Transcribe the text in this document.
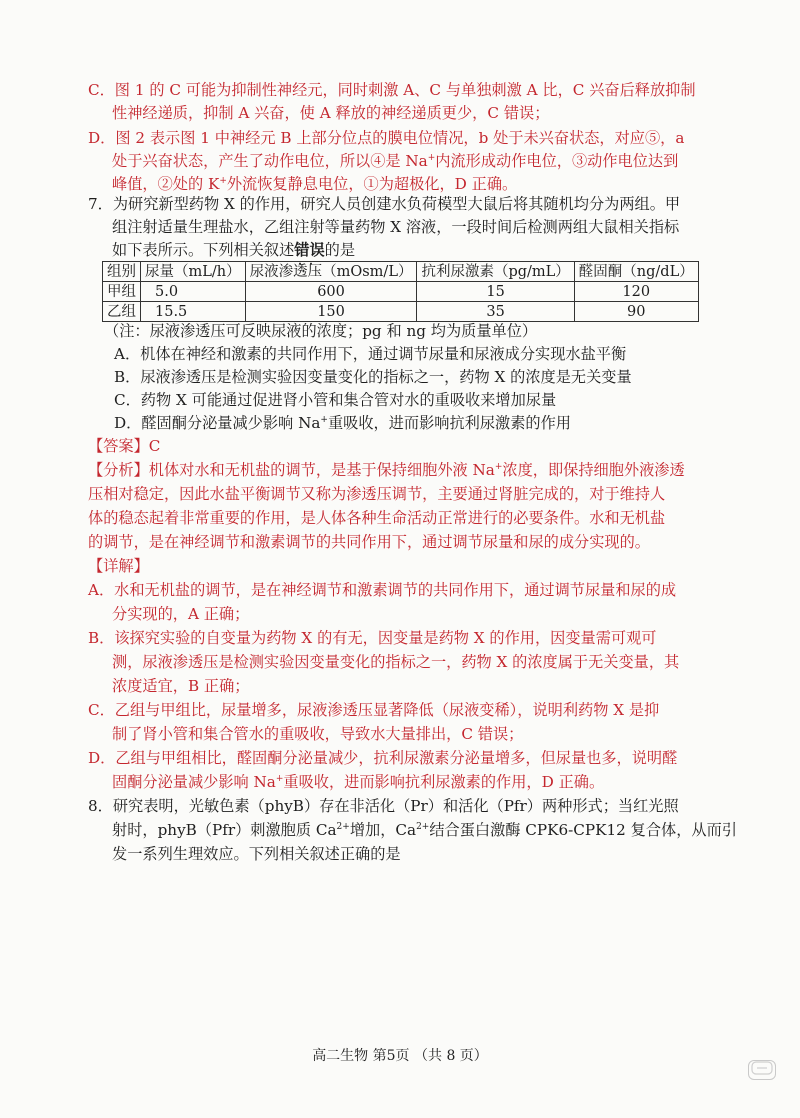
C．图 1 的 C 可能为抑制性神经元，同时刺激 A、C 与单独刺激 A 比，C 兴奋后释放抑制
性神经递质，抑制 A 兴奋，使 A 释放的神经递质更少，C 错误；
D．图 2 表示图 1 中神经元 B 上部分位点的膜电位情况，b 处于未兴奋状态，对应⑤，a
处于兴奋状态，产生了动作电位，所以④是 Na+内流形成动作电位，③动作电位达到
峰值，②处的 K+外流恢复静息电位，①为超极化，D 正确。
7．为研究新型药物 X 的作用，研究人员创建水负荷模型大鼠后将其随机均分为两组。甲
组注射适量生理盐水，乙组注射等量药物 X 溶液，一段时间后检测两组大鼠相关指标
如下表所示。下列相关叙述错误 · ·的是
组别	尿量（mL/h）	尿液渗透压（mOsm/L）	抗利尿激素（pg/mL）	醛固酮（ng/dL）
甲组	5.0	600	15	120
乙组	15.5	150	35	90
（注：尿液渗透压可反映尿液的浓度；pg 和 ng 均为质量单位）
A．机体在神经和激素的共同作用下，通过调节尿量和尿液成分实现水盐平衡
B．尿液渗透压是检测实验因变量变化的指标之一，药物 X 的浓度是无关变量
C．药物 X 可能通过促进肾小管和集合管对水的重吸收来增加尿量
D．醛固酮分泌量减少影响 Na+重吸收，进而影响抗利尿激素的作用
【答案】C
【分析】机体对水和无机盐的调节，是基于保持细胞外液 Na+浓度，即保持细胞外液渗透
压相对稳定，因此水盐平衡调节又称为渗透压调节，主要通过肾脏完成的，对于维持人
体的稳态起着非常重要的作用，是人体各种生命活动正常进行的必要条件。水和无机盐
的调节，是在神经调节和激素调节的共同作用下，通过调节尿量和尿的成分实现的。
【详解】
A．水和无机盐的调节，是在神经调节和激素调节的共同作用下，通过调节尿量和尿的成
分实现的，A 正确；
B．该探究实验的自变量为药物 X 的有无，因变量是药物 X 的作用，因变量需可观可
测，尿液渗透压是检测实验因变量变化的指标之一，药物 X 的浓度属于无关变量，其
浓度适宜，B 正确；
C．乙组与甲组比，尿量增多，尿液渗透压显著降低（尿液变稀），说明利药物 X 是抑
制了肾小管和集合管水的重吸收，导致水大量排出，C 错误；
D．乙组与甲组相比，醛固酮分泌量减少，抗利尿激素分泌量增多，但尿量也多，说明醛
固酮分泌量减少影响 Na+重吸收，进而影响抗利尿激素的作用，D 正确。
8．研究表明，光敏色素（phyB）存在非活化（Pr）和活化（Pfr）两种形式；当红光照
射时，phyB（Pfr）刺激胞质 $Ca^{2+}$增加，$Ca^{2+}$结合蛋白激酶 CPK6-CPK12 复合体，从而引
发一系列生理效应。下列相关叙述正确的是
高二生物 第5页 （共 8 页）
